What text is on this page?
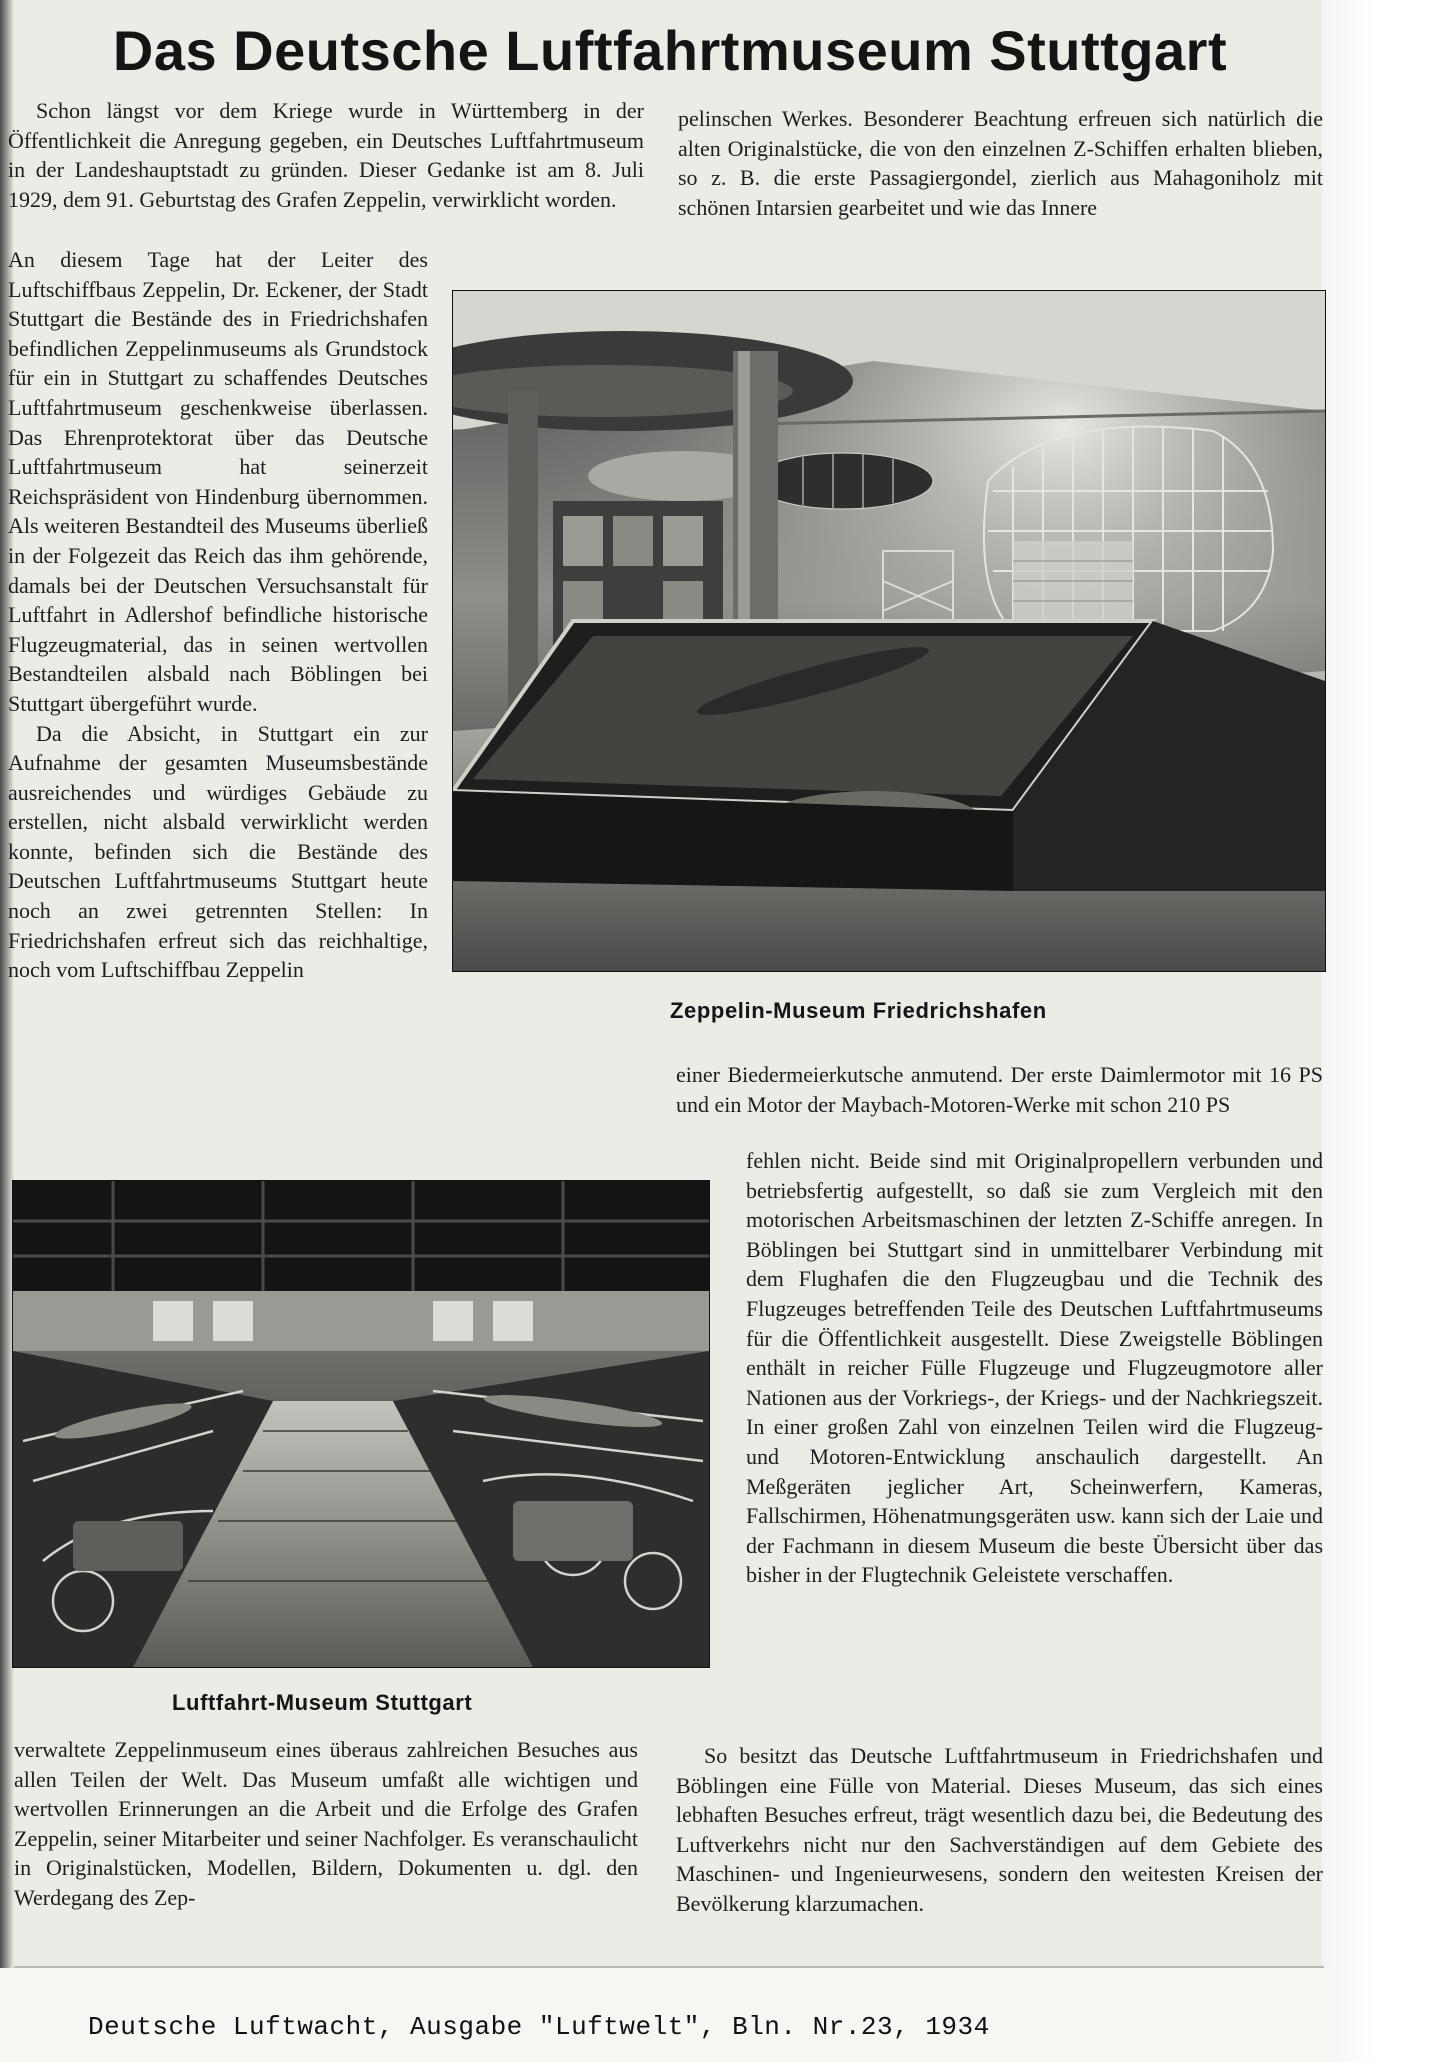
Das Deutsche Luftfahrtmuseum Stuttgart

Schon längst vor dem Kriege wurde in Württemberg in der Öffentlichkeit die Anregung gegeben, ein Deutsches Luftfahrtmuseum in der Landeshauptstadt zu gründen. Dieser Gedanke ist am 8. Juli 1929, dem 91. Geburtstag des Grafen Zeppelin, verwirklicht worden.

pelinschen Werkes. Besonderer Beachtung erfreuen sich natürlich die alten Originalstücke, die von den einzelnen Z-Schiffen erhalten blieben, so z. B. die erste Passagiergondel, zierlich aus Mahagoniholz mit schönen Intarsien gearbeitet und wie das Innere

An diesem Tage hat der Leiter des Luftschiffbaus Zeppelin, Dr. Eckener, der Stadt Stuttgart die Bestände des in Friedrichshafen befindlichen Zeppelinmuseums als Grundstock für ein in Stuttgart zu schaffendes Deutsches Luftfahrtmuseum geschenkweise überlassen. Das Ehrenprotektorat über das Deutsche Luftfahrtmuseum hat seinerzeit Reichspräsident von Hindenburg übernommen. Als weiteren Bestandteil des Museums überließ in der Folgezeit das Reich das ihm gehörende, damals bei der Deutschen Versuchsanstalt für Luftfahrt in Adlershof befindliche historische Flugzeugmaterial, das in seinen wertvollen Bestandteilen alsbald nach Böblingen bei Stuttgart übergeführt wurde.

Da die Absicht, in Stuttgart ein zur Aufnahme der gesamten Museumsbestände ausreichendes und würdiges Gebäude zu erstellen, nicht alsbald verwirklicht werden konnte, befinden sich die Bestände des Deutschen Luftfahrtmuseums Stuttgart heute noch an zwei getrennten Stellen: In Friedrichshafen erfreut sich das reichhaltige, noch vom Luftschiffbau Zeppelin

Zeppelin-Museum Friedrichshafen

einer Biedermeierkutsche anmutend. Der erste Daimlermotor mit 16 PS und ein Motor der Maybach-Motoren-Werke mit schon 210 PS

Luftfahrt-Museum Stuttgart

fehlen nicht. Beide sind mit Originalpropellern verbunden und betriebsfertig aufgestellt, so daß sie zum Vergleich mit den motorischen Arbeitsmaschinen der letzten Z-Schiffe anregen. In Böblingen bei Stuttgart sind in unmittelbarer Verbindung mit dem Flughafen die den Flugzeugbau und die Technik des Flugzeuges betreffenden Teile des Deutschen Luftfahrtmuseums für die Öffentlichkeit ausgestellt. Diese Zweigstelle Böblingen enthält in reicher Fülle Flugzeuge und Flugzeugmotore aller Nationen aus der Vorkriegs-, der Kriegs- und der Nachkriegszeit. In einer großen Zahl von einzelnen Teilen wird die Flugzeug- und Motoren-Entwicklung anschaulich dargestellt. An Meßgeräten jeglicher Art, Scheinwerfern, Kameras, Fallschirmen, Höhenatmungsgeräten usw. kann sich der Laie und der Fachmann in diesem Museum die beste Übersicht über das bisher in der Flugtechnik Geleistete verschaffen.

verwaltete Zeppelinmuseum eines überaus zahlreichen Besuches aus allen Teilen der Welt. Das Museum umfaßt alle wichtigen und wertvollen Erinnerungen an die Arbeit und die Erfolge des Grafen Zeppelin, seiner Mitarbeiter und seiner Nachfolger. Es veranschaulicht in Originalstücken, Modellen, Bildern, Dokumenten u. dgl. den Werdegang des Zep-

So besitzt das Deutsche Luftfahrtmuseum in Friedrichshafen und Böblingen eine Fülle von Material. Dieses Museum, das sich eines lebhaften Besuches erfreut, trägt wesentlich dazu bei, die Bedeutung des Luftverkehrs nicht nur den Sachverständigen auf dem Gebiete des Maschinen- und Ingenieurwesens, sondern den weitesten Kreisen der Bevölkerung klarzumachen.

Deutsche Luftwacht, Ausgabe "Luftwelt", Bln. Nr.23, 1934
